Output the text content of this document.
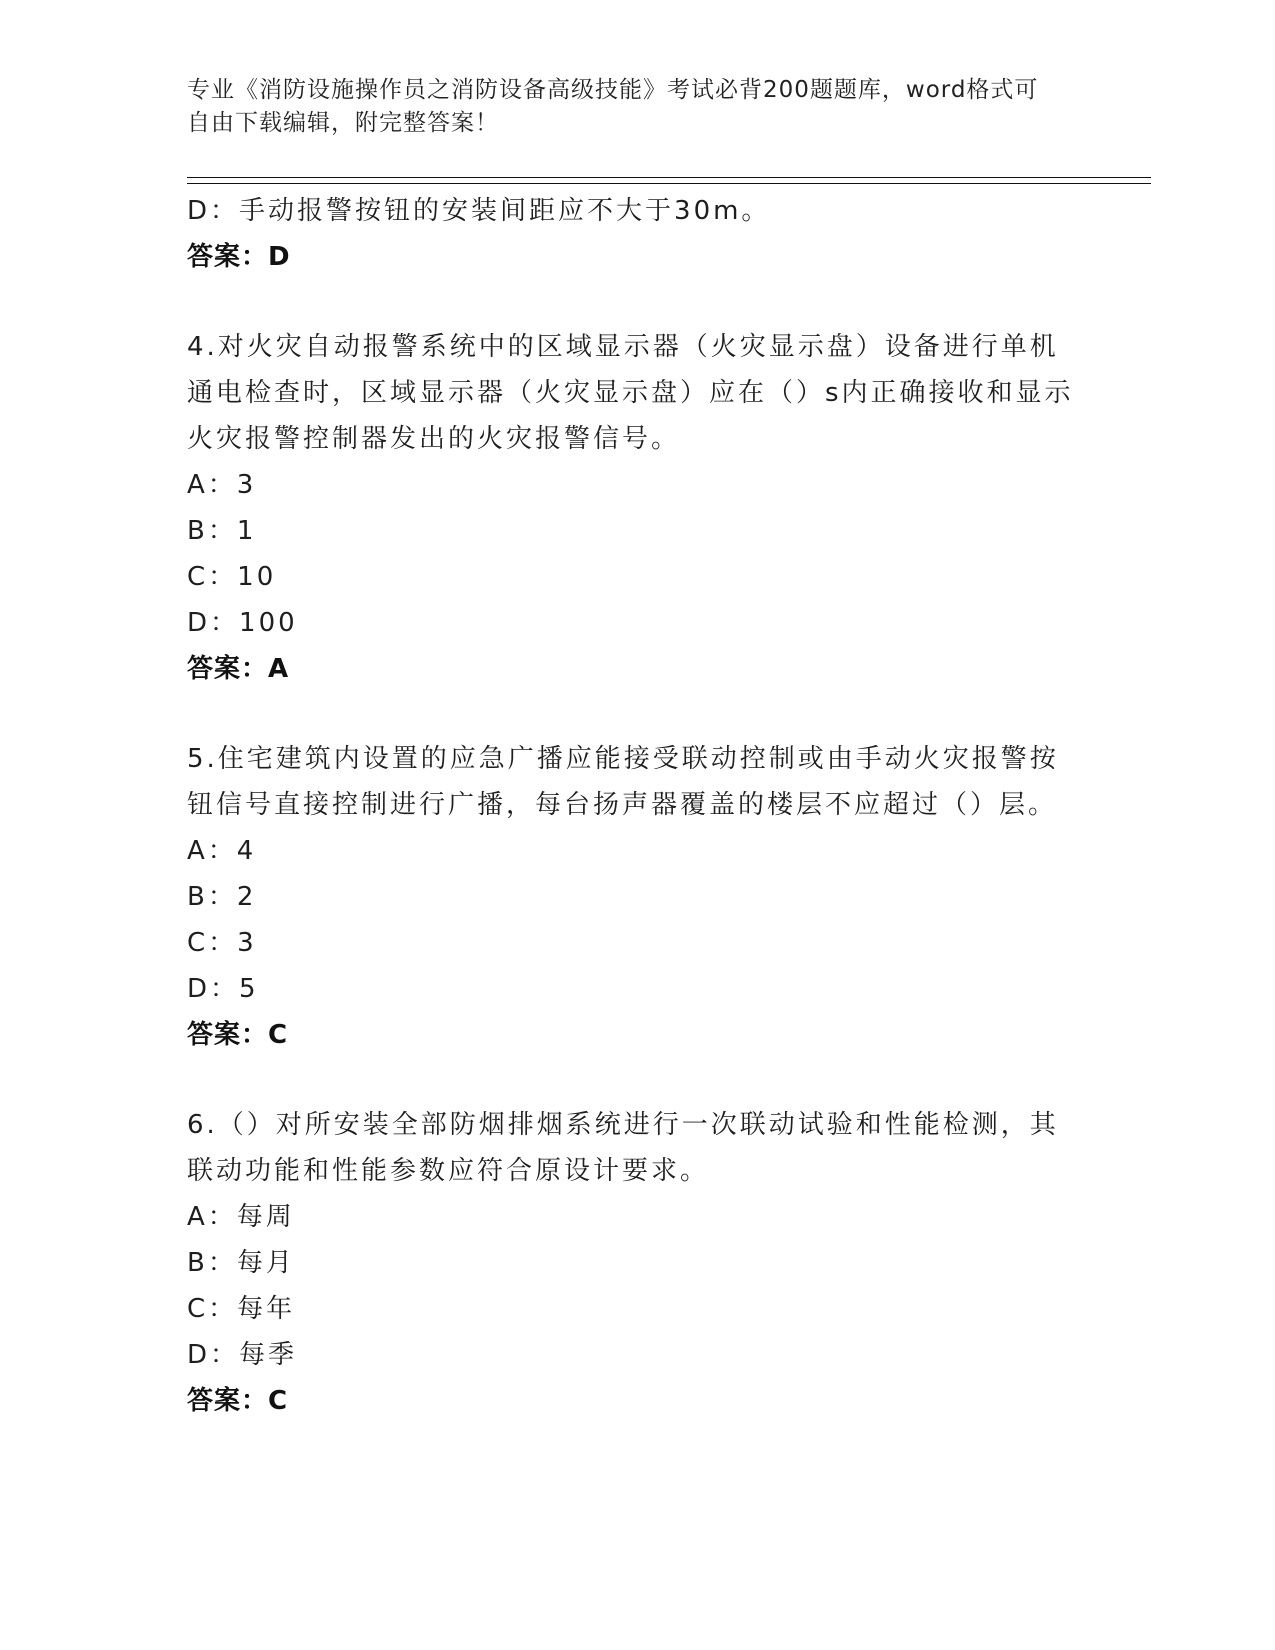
专业《消防设施操作员之消防设备高级技能》考试必背200题题库，word格式可
自由下载编辑，附完整答案！
D：手动报警按钮的安装间距应不大于30m。
答案：D
4.对火灾自动报警系统中的区域显示器（火灾显示盘）设备进行单机
通电检查时，区域显示器（火灾显示盘）应在（）s内正确接收和显示
火灾报警控制器发出的火灾报警信号。
A：3
B：1
C：10
D：100
答案：A
5.住宅建筑内设置的应急广播应能接受联动控制或由手动火灾报警按
钮信号直接控制进行广播，每台扬声器覆盖的楼层不应超过（）层。
A：4
B：2
C：3
D：5
答案：C
6.（）对所安装全部防烟排烟系统进行一次联动试验和性能检测，其
联动功能和性能参数应符合原设计要求。
A：每周
B：每月
C：每年
D：每季
答案：C
